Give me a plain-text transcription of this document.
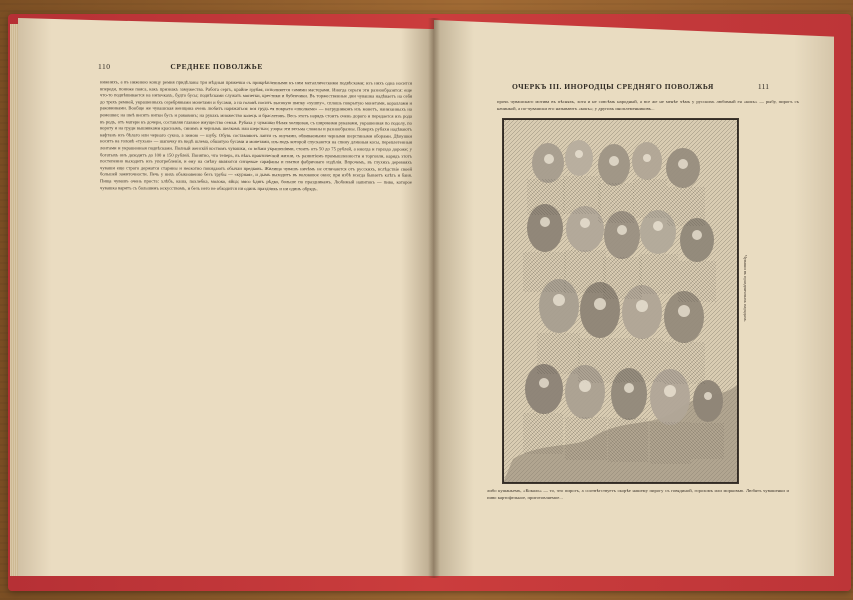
110	СРЕДНЕЕ ПОВОЛЖЬЕ
ОЧЕРКЪ III. ИНОРОДЦЫ СРЕДНЯГО ПОВОЛЖЬЯ	111
нижнихъ, а въ нижнюю концу ремня придѣланы три мѣдныя пряжечки съ прикрѣпленными къ ним металлическими подвѣсками; изъ нихъ одна носится впереди, пониже пояса, какъ признакъ замужества. Работа сергъ, крайне грубая, исполняется самими мастерами. Иногда серьги эти разнообразятся: еще что-то подвѣшивается на ниточкахъ, будто бусы; подвѣсками служатъ монетки, крестики и бубенчики. Въ торжественные дни чувашка надѣваетъ на себя до трехъ ремней, украшенныхъ серебряными монетами и бусами, а на головѣ носитъ высокую шапку «хушпу», сплошь покрытую монетами, кораллами и раковинками. Вообще же чувашская женщина очень любитъ наряжаться: вся грудь ея покрыта «шюлкеме» — нагрудникомъ изъ монетъ, нанизанныхъ на ремешки; на шеѣ висятъ нитки бусъ и раковинъ; на рукахъ множество колецъ и браслетовъ. Весь этотъ нарядъ стоитъ очень дорого и передается изъ рода въ родъ, отъ матери къ дочери, составляя главное имущество семьи. Рубаха у чувашки бѣлая холщовая, съ широкими рукавами, украшенная по подолу, по вороту и на груди вышивками краснымъ, синимъ и чернымъ шелкомъ или шерстью; узоры эти весьма сложны и разнообразны. Поверхъ рубахи надѣваютъ кафтанъ изъ бѣлаго или чернаго сукна, а зимою — шубу. Обувь составляютъ лапти съ онучами, обвиваемыми черными шерстяными оборами. Дѣвушки носятъ на головѣ «тухью» — шапочку въ видѣ шлема, обшитую бусами и монетами, изъ-подъ которой спускаются на спину длинныя косы, переплетенныя лентами и украшенныя подвѣсками. Полный женскій костюмъ чувашки, со всѣми украшеніями, стоитъ отъ 50 до 75 рублей, а иногда и гораздо дороже; у богатыхъ онъ доходитъ до 100 и 150 рублей. Понятно, что теперь, въ вѣкъ практической жизни, съ развитіемъ промышленности и торговли, нарядъ этотъ постепенно выходитъ изъ употребленія, и ему на смѣну являются ситцевые сарафаны и платки фабричнаго издѣлія. Впрочемъ, въ глухихъ деревняхъ чуваши еще строго держатся старины и неохотно покидаютъ обычаи предковъ. Жилища чувашъ ничѣмъ не отличаются отъ русскихъ, вслѣдствіе своей большей зажиточности. Печь у нихъ обыкновенно безъ трубы — «курная», и дымъ выходитъ въ волоковое окно; при избѣ всегда бываетъ клѣть и баня. Пища чувашъ очень проста: хлѣбъ, каша, похлебка, молоко, яйца; мясо ѣдятъ рѣдко, больше по праздникамъ. Любимый напитокъ — пиво, которое чувашка варитъ съ большимъ искусствомъ, и безъ него не обходится ни одинъ праздникъ и ни одинъ обрядъ.
прочь чувашскаго мотива въ пѣсняхъ, хотя и не совсѣмъ народный, а все же не менѣе чѣмъ у русскихъ любимый ея «кокъ» — рыбу, пирогъ съ начинкой, а по-чувашски его называютъ «кокъ»; у другихъ иноплеменниковъ...
Чуваши въ праздничныхъ нарядахъ.
либо кушаньемъ, «Кокаль» — то, что пирогъ, а соотвѣтствуетъ скорѣе нашему пирогу съ говядиной, горохомъ или морковью. Любятъ чувашенки и пиво картофельное, приготовляемое...
